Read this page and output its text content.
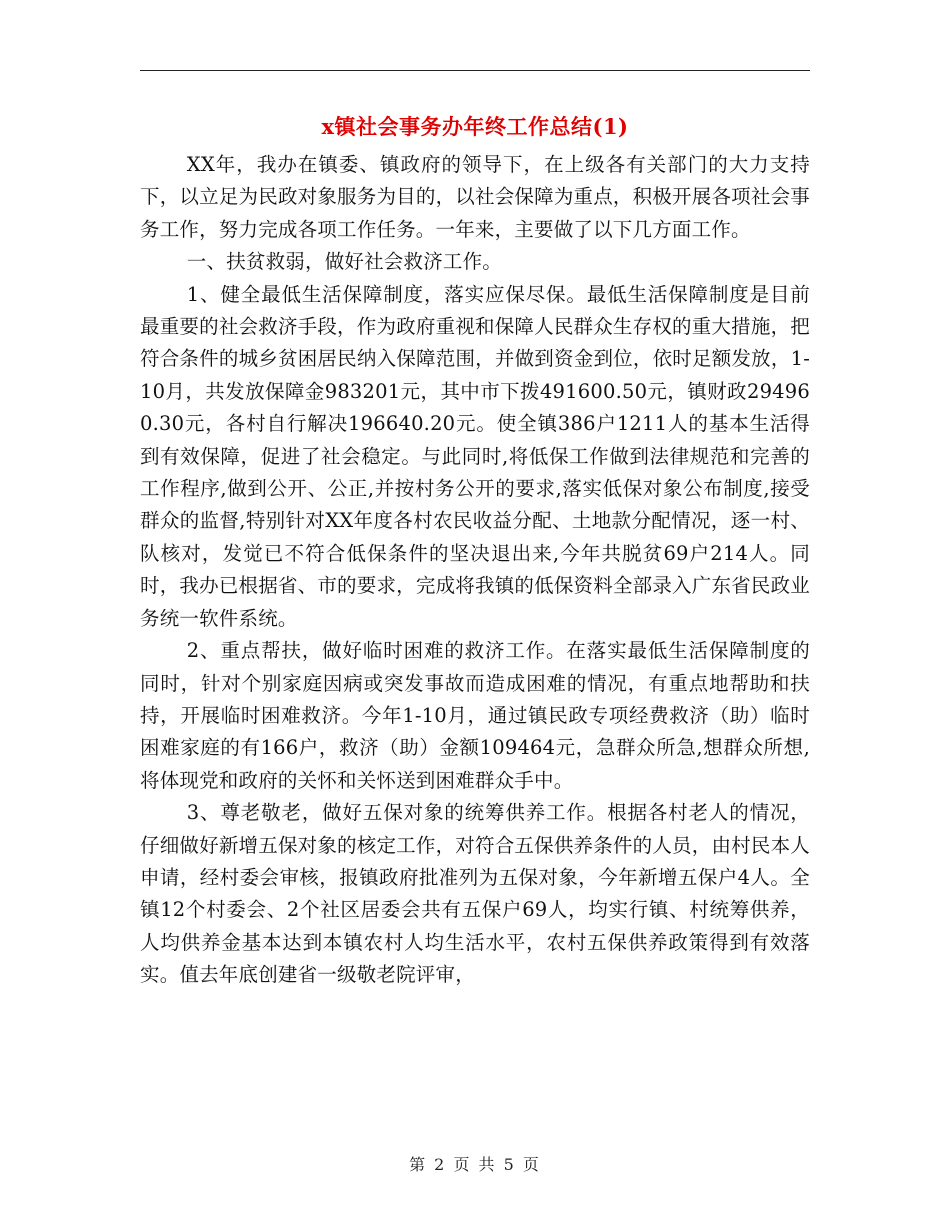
x镇社会事务办年终工作总结(1)

XX年，我办在镇委、镇政府的领导下，在上级各有关部门的大力支持下，以立足为民政对象服务为目的，以社会保障为重点，积极开展各项社会事务工作，努力完成各项工作任务。一年来，主要做了以下几方面工作。

一、扶贫救弱，做好社会救济工作。

1、健全最低生活保障制度，落实应保尽保。最低生活保障制度是目前最重要的社会救济手段，作为政府重视和保障人民群众生存权的重大措施，把符合条件的城乡贫困居民纳入保障范围，并做到资金到位，依时足额发放，1-10月，共发放保障金983201元，其中市下拨491600.50元，镇财政294960.30元，各村自行解决196640.20元。使全镇386户1211人的基本生活得到有效保障，促进了社会稳定。与此同时,将低保工作做到法律规范和完善的工作程序,做到公开、公正,并按村务公开的要求,落实低保对象公布制度,接受群众的监督,特别针对XX年度各村农民收益分配、土地款分配情况，逐一村、队核对，发觉已不符合低保条件的坚决退出来,今年共脱贫69户214人。同时，我办已根据省、市的要求，完成将我镇的低保资料全部录入广东省民政业务统一软件系统。

2、重点帮扶，做好临时困难的救济工作。在落实最低生活保障制度的同时，针对个别家庭因病或突发事故而造成困难的情况，有重点地帮助和扶持，开展临时困难救济。今年1-10月，通过镇民政专项经费救济（助）临时困难家庭的有166户，救济（助）金额109464元，急群众所急,想群众所想,将体现党和政府的关怀和关怀送到困难群众手中。

3、尊老敬老，做好五保对象的统筹供养工作。根据各村老人的情况，仔细做好新增五保对象的核定工作，对符合五保供养条件的人员，由村民本人申请，经村委会审核，报镇政府批准列为五保对象，今年新增五保户4人。全镇12个村委会、2个社区居委会共有五保户69人，均实行镇、村统筹供养，人均供养金基本达到本镇农村人均生活水平，农村五保供养政策得到有效落实。值去年底创建省一级敬老院评审，

第 2 页 共 5 页
